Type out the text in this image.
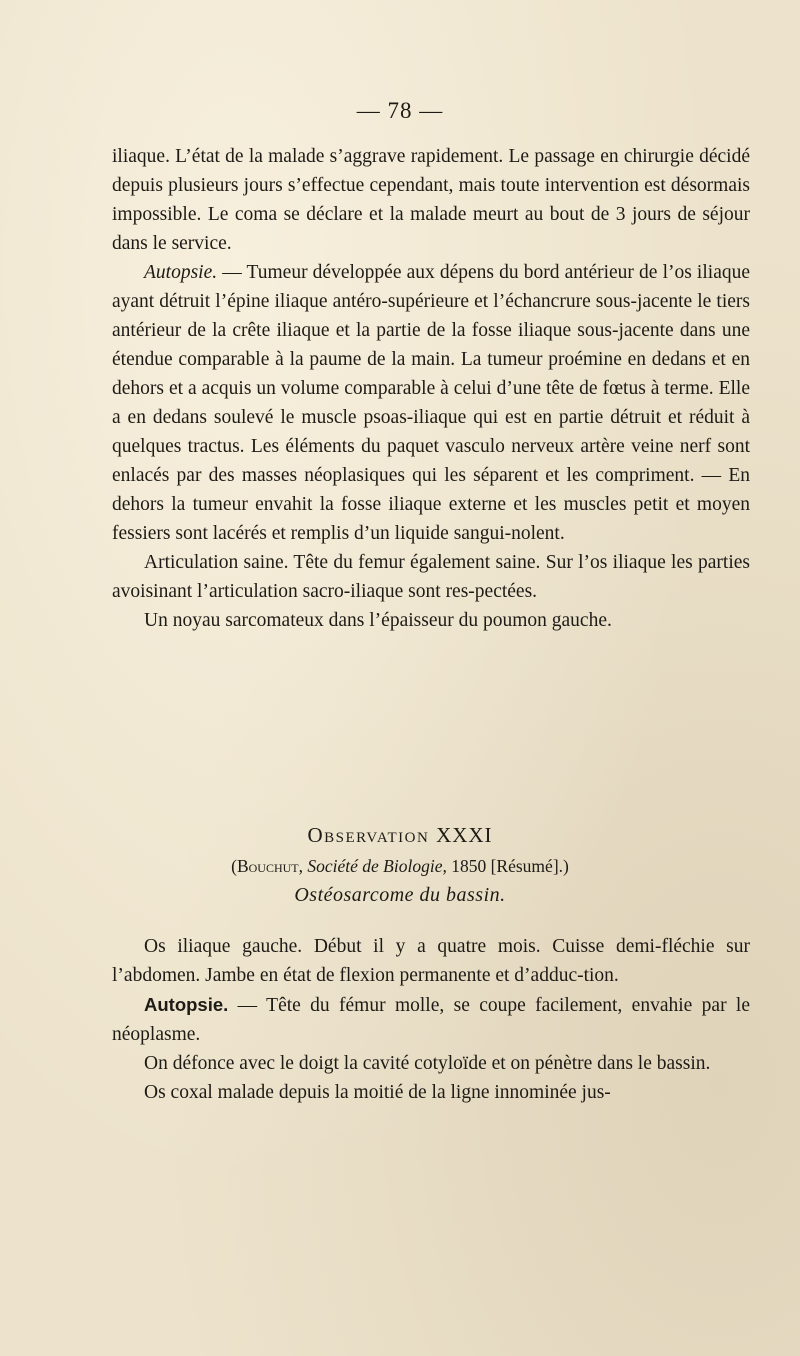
— 78 —

iliaque. L’état de la malade s’aggrave rapidement. Le passage en chirurgie décidé depuis plusieurs jours s’effectue cependant, mais toute intervention est désormais impossible. Le coma se déclare et la malade meurt au bout de 3 jours de séjour dans le service.

Autopsie. — Tumeur développée aux dépens du bord antérieur de l’os iliaque ayant détruit l’épine iliaque antéro-supérieure et l’échancrure sous-jacente le tiers antérieur de la crête iliaque et la partie de la fosse iliaque sous-jacente dans une étendue comparable à la paume de la main. La tumeur proémine en dedans et en dehors et a acquis un volume comparable à celui d’une tête de fœtus à terme. Elle a en dedans soulevé le muscle psoas-iliaque qui est en partie détruit et réduit à quelques tractus. Les éléments du paquet vasculo nerveux artère veine nerf sont enlacés par des masses néoplasiques qui les séparent et les compriment. — En dehors la tumeur envahit la fosse iliaque externe et les muscles petit et moyen fessiers sont lacérés et remplis d’un liquide sangui-nolent.

Articulation saine. Tête du femur également saine. Sur l’os iliaque les parties avoisinant l’articulation sacro-iliaque sont res-pectées.

Un noyau sarcomateux dans l’épaisseur du poumon gauche.

Observation XXXI
(Bouchut, Société de Biologie, 1850 [Résumé].)
Ostéosarcome du bassin.

Os iliaque gauche. Début il y a quatre mois. Cuisse demi-fléchie sur l’abdomen. Jambe en état de flexion permanente et d’adduc-tion.

Autopsie. — Tête du fémur molle, se coupe facilement, envahie par le néoplasme.

On défonce avec le doigt la cavité cotyloïde et on pénètre dans le bassin.

Os coxal malade depuis la moitié de la ligne innominée jus-
